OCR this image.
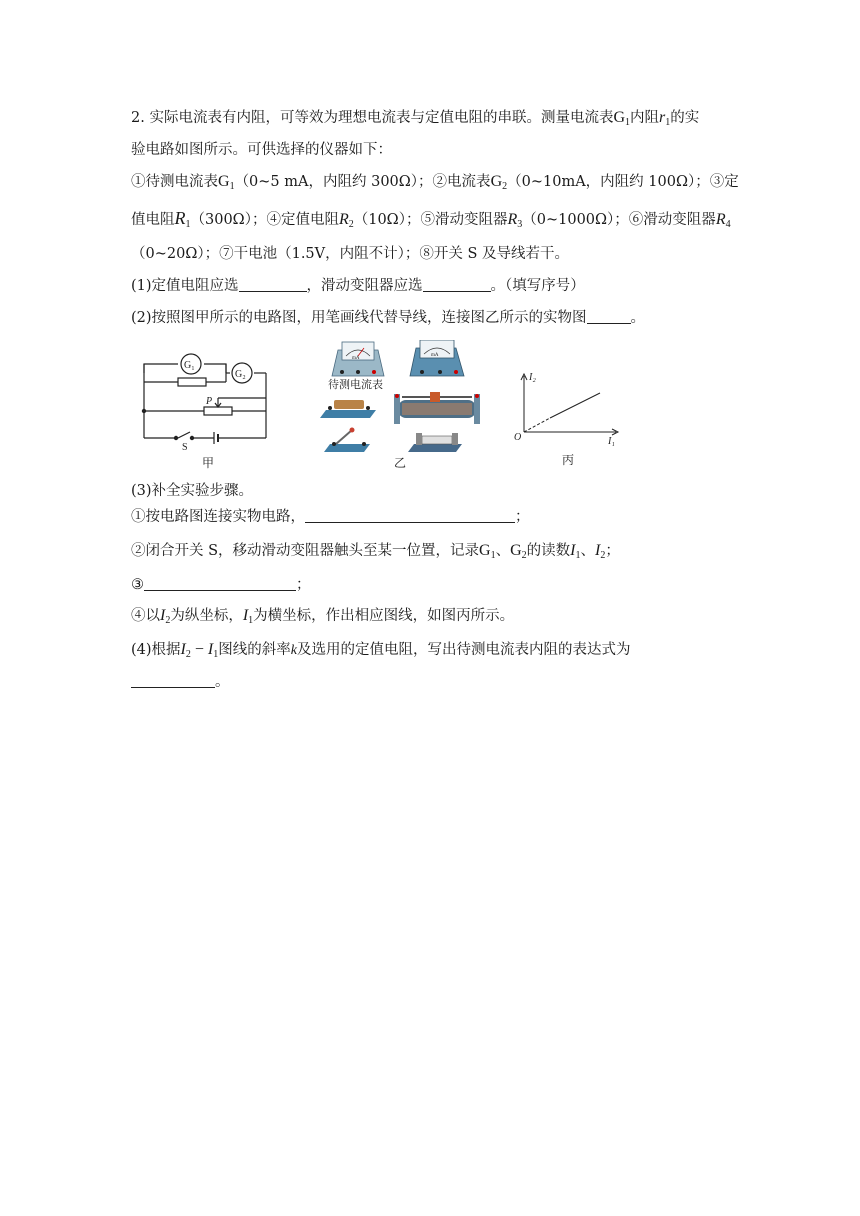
2. 实际电流表有内阻，可等效为理想电流表与定值电阻的串联。测量电流表$G_1$内阻$r_1$的实
验电路如图所示。可供选择的仪器如下：
①待测电流表$G_1(0\sim 5$ mA，内阻约 300Ω）；②电流表$G_2(0\sim 10mA$，内阻约 100Ω）；③定
值电阻$R_1(300\Omega)$；④定值电阻$R_2(10\Omega)$；⑤滑动变阻器$R_3(0\sim 1000\Omega)$；⑥滑动变阻器$R_4$
（0~20Ω）；⑦干电池（1.5V，内阻不计）；⑧开关 S 及导线若干。
(1)定值电阻应选	，滑动变阻器应选	。（填写序号）
(2)按照图甲所示的电路图，用笔画线代替导线，连接图乙所示的实物图	。
G₁
G₂
P
S
甲
mA
待测电流表
mA
乙
I₂
I₁
O
丙
(3)补全实验步骤。
①按电路图连接实物电路，	；
②闭合开关 S，移动滑动变阻器触头至某一位置，记录$G_1$、$G_2$的读数$I_1$、$I_2$；
③	；
④以$I_2$为纵坐标，$I_1$为横坐标，作出相应图线，如图丙所示。
(4)根据$I_2 - I_1$图线的斜率k及选用的定值电阻，写出待测电流表内阻的表达式为
。
